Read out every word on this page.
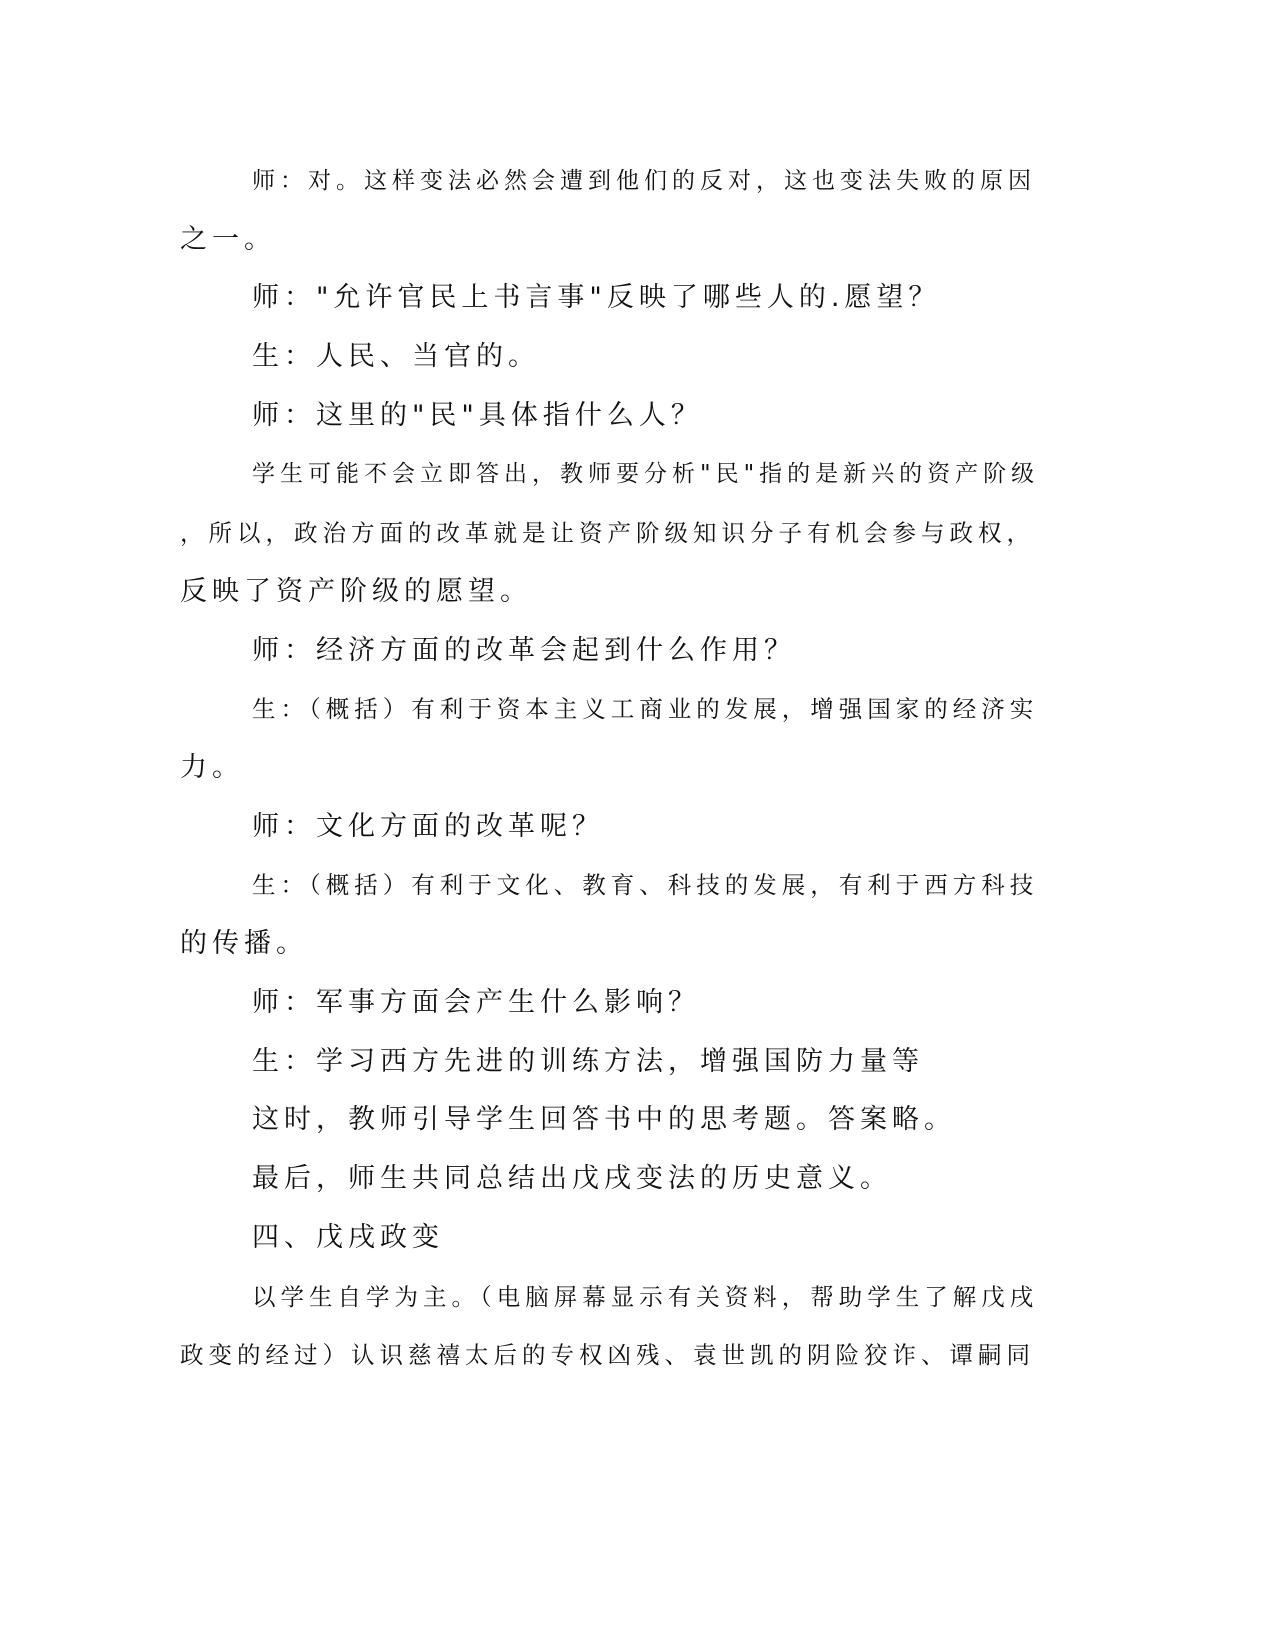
师：对。这样变法必然会遭到他们的反对，这也变法失败的原因
之一。
师："允许官民上书言事"反映了哪些人的.愿望？
生：人民、当官的。
师：这里的"民"具体指什么人？
学生可能不会立即答出，教师要分析"民"指的是新兴的资产阶级
，所以，政治方面的改革就是让资产阶级知识分子有机会参与政权，
反映了资产阶级的愿望。
师：经济方面的改革会起到什么作用？
生：（概括）有利于资本主义工商业的发展，增强国家的经济实
力。
师：文化方面的改革呢？
生：（概括）有利于文化、教育、科技的发展，有利于西方科技
的传播。
师：军事方面会产生什么影响？
生：学习西方先进的训练方法，增强国防力量等
这时，教师引导学生回答书中的思考题。答案略。
最后，师生共同总结出戊戌变法的历史意义。
四、戊戌政变
以学生自学为主。（电脑屏幕显示有关资料，帮助学生了解戊戌
政变的经过）认识慈禧太后的专权凶残、袁世凯的阴险狡诈、谭嗣同
